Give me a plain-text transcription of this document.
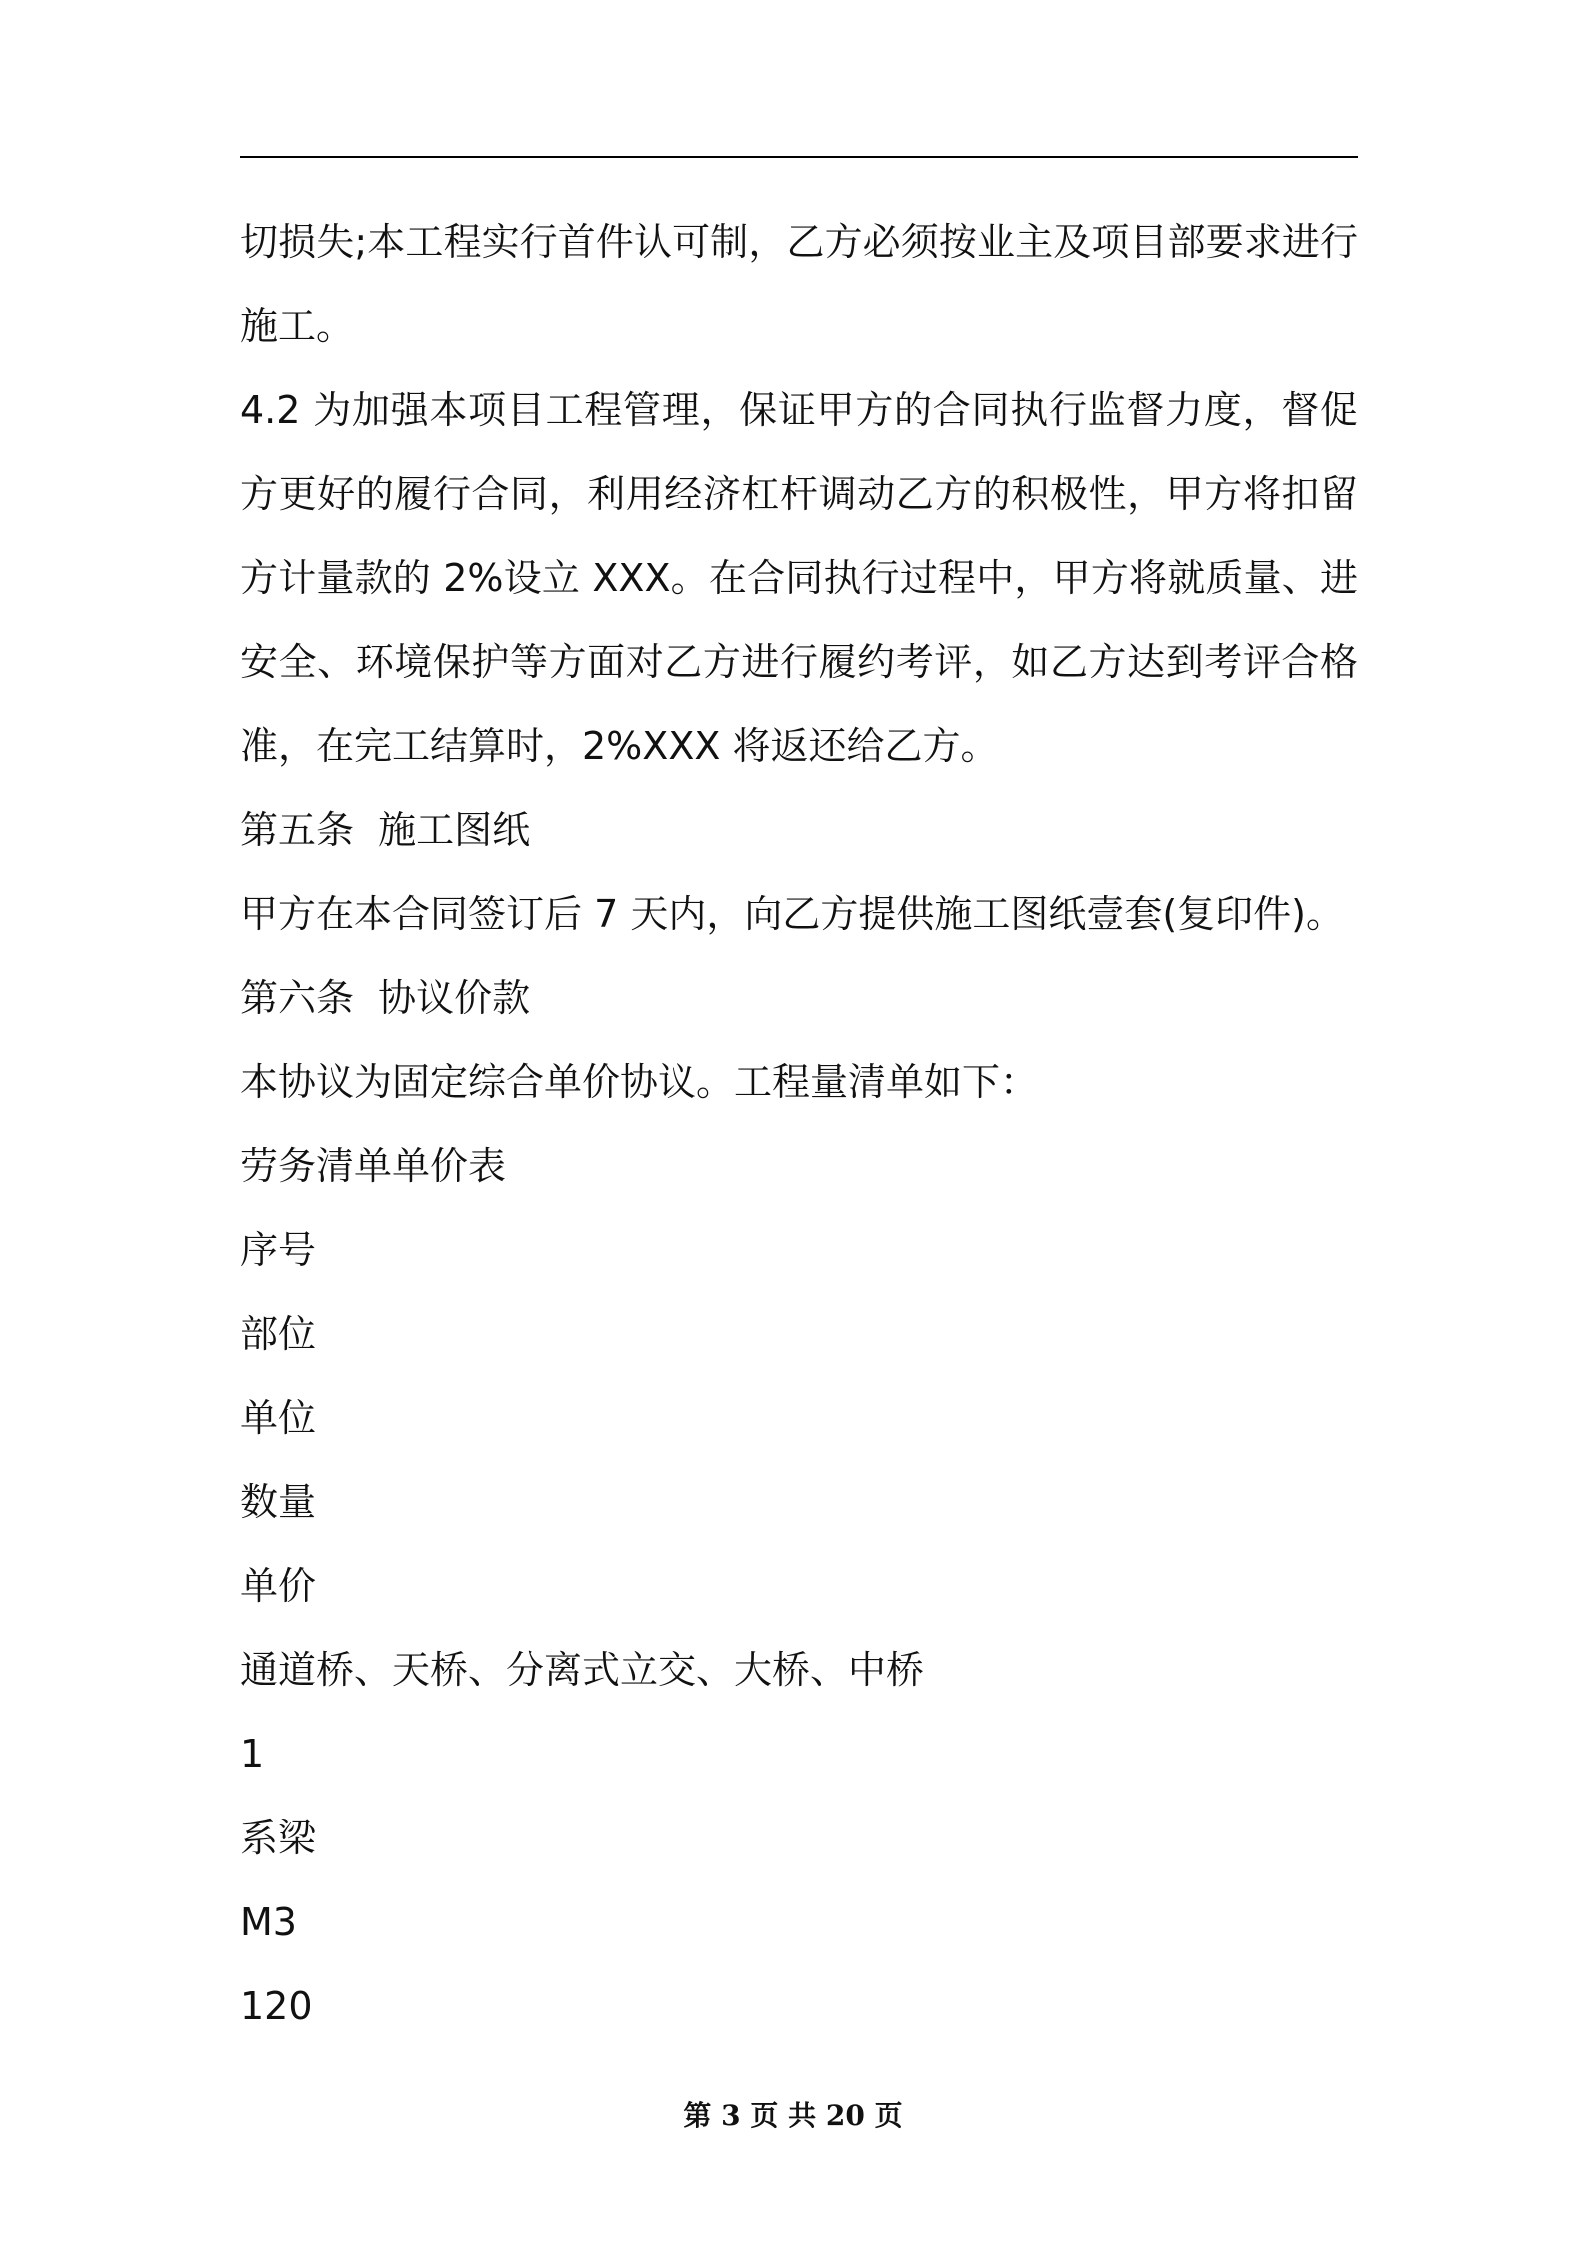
切损失;本工程实行首件认可制，乙方必须按业主及项目部要求进行
施工。
4.2 为加强本项目工程管理，保证甲方的合同执行监督力度，督促
方更好的履行合同，利用经济杠杆调动乙方的积极性，甲方将扣留
方计量款的 2%设立 XXX。在合同执行过程中，甲方将就质量、进
安全、环境保护等方面对乙方进行履约考评，如乙方达到考评合格
准，在完工结算时，2%XXX 将返还给乙方。
第五条  施工图纸
甲方在本合同签订后 7 天内，向乙方提供施工图纸壹套(复印件)。
第六条  协议价款
本协议为固定综合单价协议。工程量清单如下：
劳务清单单价表
序号
部位
单位
数量
单价
通道桥、天桥、分离式立交、大桥、中桥
1
系梁
M3
120
第 3 页 共 20 页
